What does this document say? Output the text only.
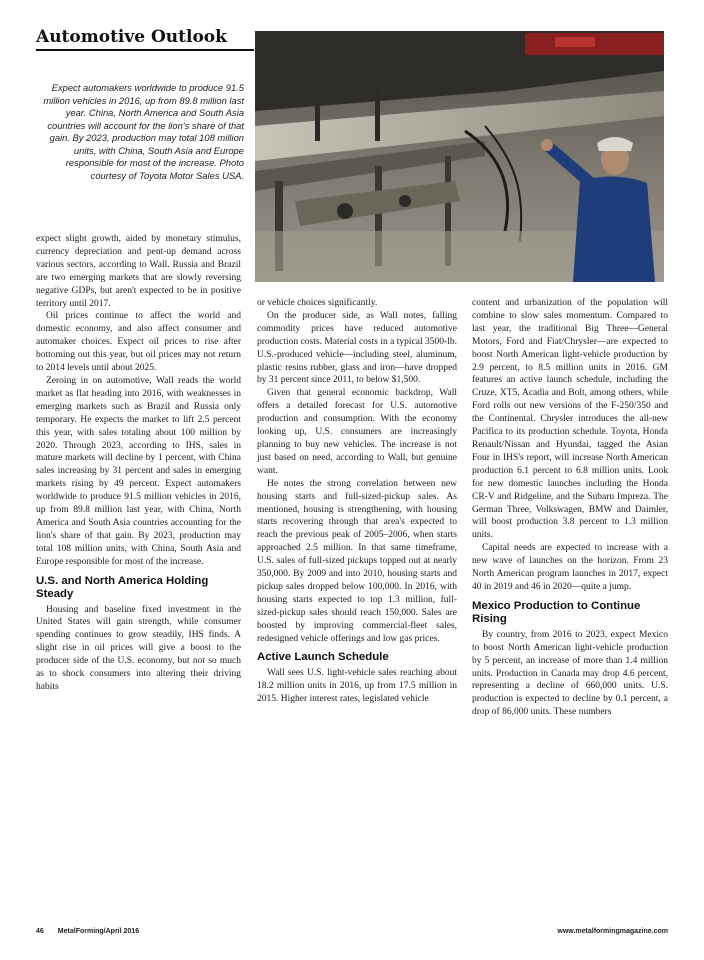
Automotive Outlook

Expect automakers worldwide to produce 91.5 million vehicles in 2016, up from 89.8 million last year. China, North America and South Asia countries will account for the lion's share of that gain. By 2023, production may total 108 million units, with China, South Asia and Europe responsible for most of the increase. Photo courtesy of Toyota Motor Sales USA.

expect slight growth, aided by monetary stimulus, currency depreciation and pent-up demand across various sectors, according to Wall. Russia and Brazil are two emerging markets that are slowly reversing negative GDPs, but aren't expected to be in positive territory until 2017.

Oil prices continue to affect the world and domestic economy, and also affect consumer and automaker choices. Expect oil prices to rise after bottoming out this year, but oil prices may not return to 2014 levels until about 2025.

Zeroing in on automotive, Wall reads the world market as flat heading into 2016, with weaknesses in emerging markets such as Brazil and Russia only temporary. He expects the market to lift 2.5 percent this year, with sales totaling about 100 million by 2020. Through 2023, according to IHS, sales in mature markets will decline by 1 percent, with China sales increasing by 31 percent and sales in emerging markets rising by 49 percent. Expect automakers worldwide to produce 91.5 million vehicles in 2016, up from 89.8 million last year, with China, North America and South Asia countries accounting for the lion's share of that gain. By 2023, production may total 108 million units, with China, South Asia and Europe responsible for most of the increase.

U.S. and North America Holding Steady

Housing and baseline fixed investment in the United States will gain strength, while consumer spending continues to grow steadily, IHS finds. A slight rise in oil prices will give a boost to the producer side of the U.S. economy, but not so much as to shock consumers into altering their driving habits

or vehicle choices significantly.

On the producer side, as Wall notes, falling commodity prices have reduced automotive production costs. Material costs in a typical 3500-lb. U.S.-produced vehicle—including steel, aluminum, plastic resins rubber, glass and iron—have dropped by 31 percent since 2011, to below $1,500.

Given that general economic backdrop, Wall offers a detailed forecast for U.S. automotive production and consumption. With the economy looking up, U.S. consumers are increasingly planning to buy new vehicles. The increase is not just based on need, according to Wall, but genuine want.

He notes the strong correlation between new housing starts and full-sized-pickup sales. As mentioned, housing is strengthening, with housing starts recovering through that area's expected to reach the previous peak of 2005–2006, when starts approached 2.5 million. In that same timeframe, U.S. sales of full-sized pickups topped out at nearly 350,000. By 2009 and into 2010, housing starts and pickup sales dropped below 100,000. In 2016, with housing starts expected to top 1.3 million, full-sized-pickup sales should reach 150,000. Sales are boosted by improving commercial-fleet sales, redesigned vehicle offerings and low gas prices.

Active Launch Schedule

Wall sees U.S. light-vehicle sales reaching about 18.2 million units in 2016, up from 17.5 million in 2015. Higher interest rates, legislated vehicle

content and urbanization of the population will combine to slow sales momentum. Compared to last year, the traditional Big Three—General Motors, Ford and Fiat/Chrysler—are expected to boost North American light-vehicle production by 2.9 percent, to 8.5 million units in 2016. GM features an active launch schedule, including the Cruze, XT5, Acadia and Bolt, among others, while Ford rolls out new versions of the F-250/350 and the Continental. Chrysler introduces the all-new Pacifica to its production schedule. Toyota, Honda Renault/Nissan and Hyundai, tagged the Asian Four in IHS's report, will increase North American production 6.1 percent to 6.8 million units. Look for new domestic launches including the Honda CR-V and Ridgeline, and the Subaru Impreza. The German Three, Volkswagen, BMW and Daimler, will boost production 3.8 percent to 1.3 million units.

Capital needs are expected to increase with a new wave of launches on the horizon. From 23 North American program launches in 2017, expect 40 in 2019 and 46 in 2020—quite a jump.

Mexico Production to Continue Rising

By country, from 2016 to 2023, expect Mexico to boost North American light-vehicle production by 5 percent, an increase of more than 1.4 million units. Production in Canada may drop 4.6 percent, representing a decline of 660,000 units. U.S. production is expected to decline by 0.1 percent, a drop of 86,000 units. These numbers

46 MetalForming/April 2016	www.metalformingmagazine.com
